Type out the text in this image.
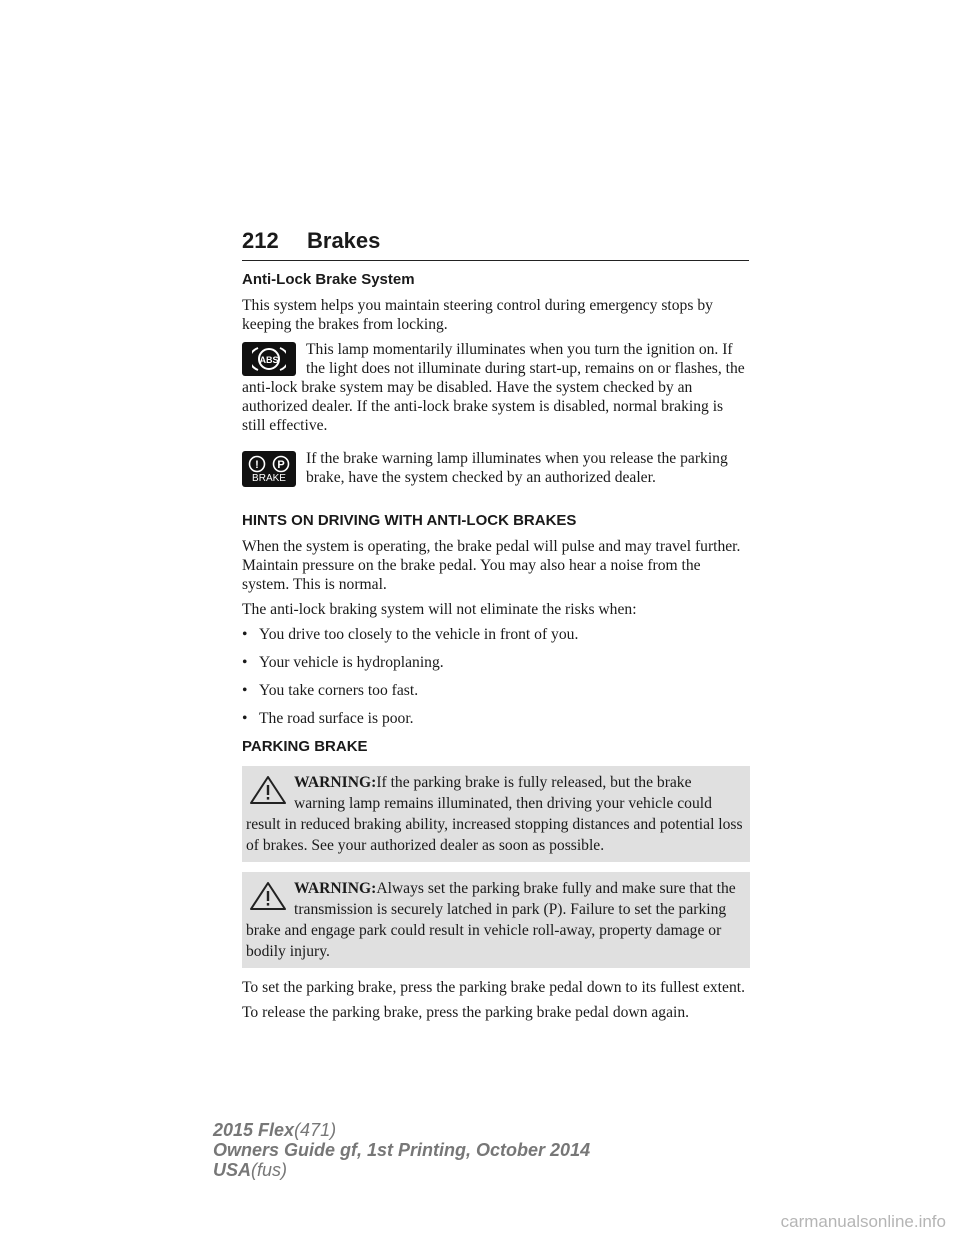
212 Brakes
Anti-Lock Brake System

This system helps you maintain steering control during emergency stops by keeping the brakes from locking.

ABS

This lamp momentarily illuminates when you turn the ignition on. If the light does not illuminate during start-up, remains on or flashes, the anti-lock brake system may be disabled. Have the system checked by an authorized dealer. If the anti-lock brake system is disabled, normal braking is still effective.

! P
BRAKE

If the brake warning lamp illuminates when you release the parking brake, have the system checked by an authorized dealer.

HINTS ON DRIVING WITH ANTI-LOCK BRAKES

When the system is operating, the brake pedal will pulse and may travel further. Maintain pressure on the brake pedal. You may also hear a noise from the system. This is normal.

The anti-lock braking system will not eliminate the risks when:

• You drive too closely to the vehicle in front of you.
• Your vehicle is hydroplaning.
• You take corners too fast.
• The road surface is poor.
PARKING BRAKE

WARNING:If the parking brake is fully released, but the brake warning lamp remains illuminated, then driving your vehicle could result in reduced braking ability, increased stopping distances and potential loss of brakes. See your authorized dealer as soon as possible.

WARNING:Always set the parking brake fully and make sure that the transmission is securely latched in park (P). Failure to set the parking brake and engage park could result in vehicle roll-away, property damage or bodily injury.

To set the parking brake, press the parking brake pedal down to its fullest extent.

To release the parking brake, press the parking brake pedal down again.

2015 Flex(471)
Owners Guide gf, 1st Printing, October 2014
USA(fus)
carmanualsonline.info
